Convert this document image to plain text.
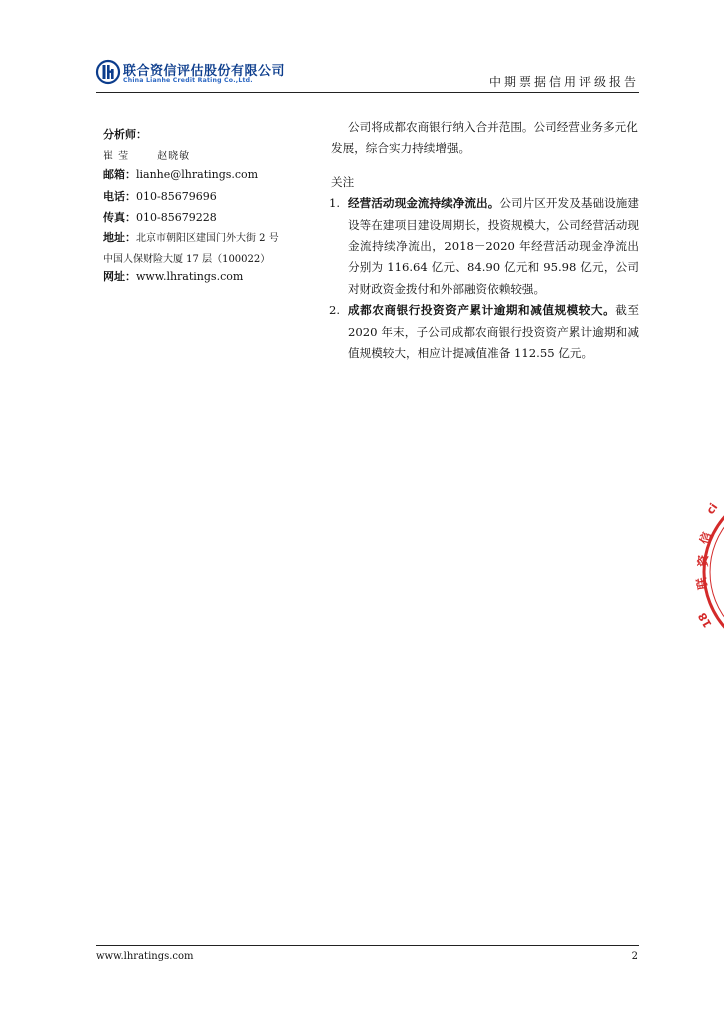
联合资信评估股份有限公司
China Lianhe Credit Rating Co.,Ltd.	中期票据信用评级报告
分析师：
崔 莹	赵晓敏
邮箱：lianhe@lhratings.com
电话：010-85679696
传真：010-85679228
地址：北京市朝阳区建国门外大街 2 号
中国人保财险大厦 17 层（100022）
网址：www.lhratings.com

公司将成都农商银行纳入合并范围。公司经营业务多元化发展，综合实力持续增强。

关注
1. 经营活动现金流持续净流出。公司片区开发及基础设施建设等在建项目建设周期长，投资规模大，公司经营活动现金流持续净流出，2018－2020 年经营活动现金净流出分别为 116.64 亿元、84.90 亿元和 95.98 亿元，公司对财政资金拨付和外部融资依赖较强。
2. 成都农商银行投资资产累计逾期和减值规模较大。截至 2020 年末，子公司成都农商银行投资资产累计逾期和减值规模较大，相应计提减值准备 112.55 亿元。
ci
信
资
联
18
www.lhratings.com	2
